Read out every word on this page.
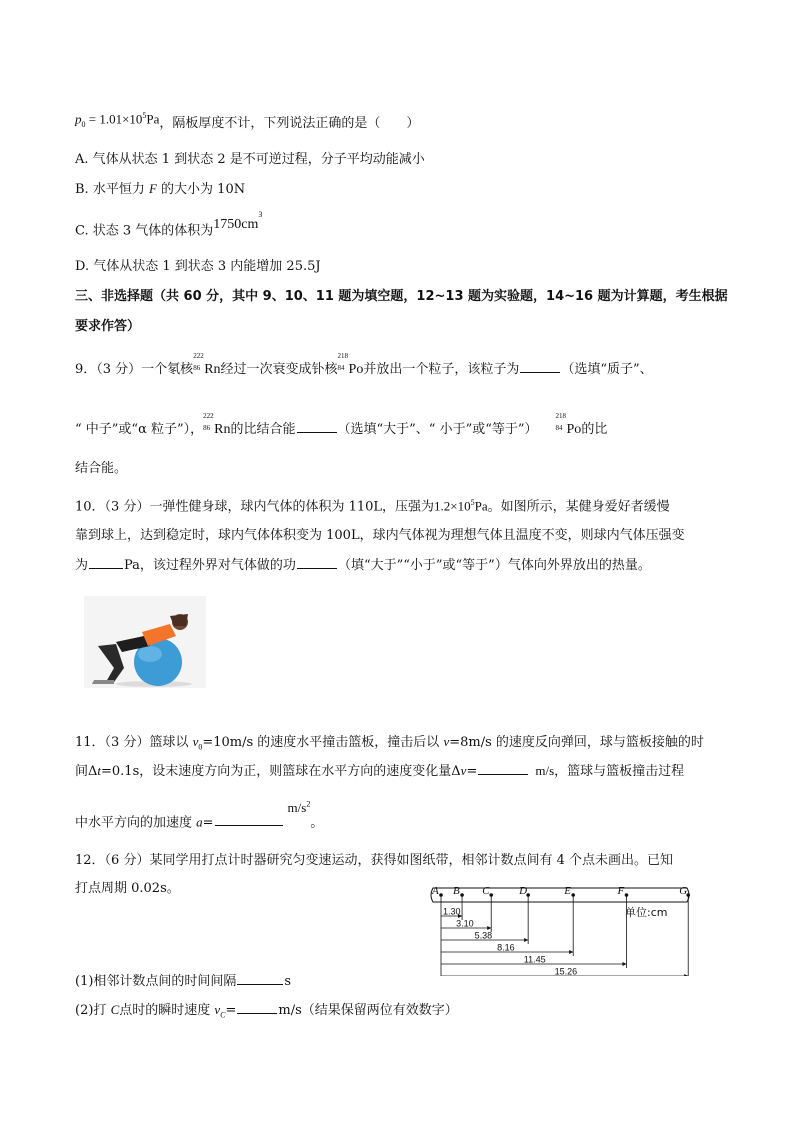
$p_0 = 1.01\times 10^5Pa$，隔板厚度不计，下列说法正确的是（　　）
A. 气体从状态 1 到状态 2 是不可逆过程，分子平均动能减小
B. 水平恒力 F 的大小为 10N
C. 状态 3 气体的体积为$1750cm^3$
D. 气体从状态 1 到状态 3 内能增加 25.5J
三、非选择题（共 60 分，其中 9、10、11 题为填空题，12~13 题为实验题，14~16 题为计算题，考生根据
要求作答）
9．（3 分）一个氡核
222
86 Rn经过一次衰变成钋核
218
84 Po并放出一个粒子，该粒子为	（选填“质子”、
“ 中子”或“α 粒子”），
222
86 Rn的比结合能	（选填“大于”、“ 小于”或“等于”）
218
84 Po的比
结合能。
10．（3 分）一弹性健身球，球内气体的体积为 110L，压强为$1.2\times 10^5Pa$。如图所示，某健身爱好者缓慢
靠到球上，达到稳定时，球内气体体积变为 100L，球内气体视为理想气体且温度不变，则球内气体压强变
为	Pa，该过程外界对气体做的功	（填“大于”“小于”或“等于”）气体向外界放出的热量。
11．（3 分）篮球以 $v_0=10m/s$ 的速度水平撞击篮板，撞击后以 v=8m/s 的速度反向弹回，球与篮板接触的时
间Δt=0.1s，设末速度方向为正，则篮球在水平方向的速度变化量Δv=	m/s，篮球与篮板撞击过程
中水平方向的加速度 $a=m/s^2$。
12．（6 分）某同学用打点计时器研究匀变速运动，获得如图纸带，相邻计数点间有 4 个点未画出。已知
打点周期 0.02s。
单位:cm
A B C	D	E	F	G
1.30
3.10
5.38
8.16
11.45
15.26
(1)相邻计数点间的时间间隔	s
(2)打 C点时的瞬时速度 $v_C=$	m/s（结果保留两位有效数字）
